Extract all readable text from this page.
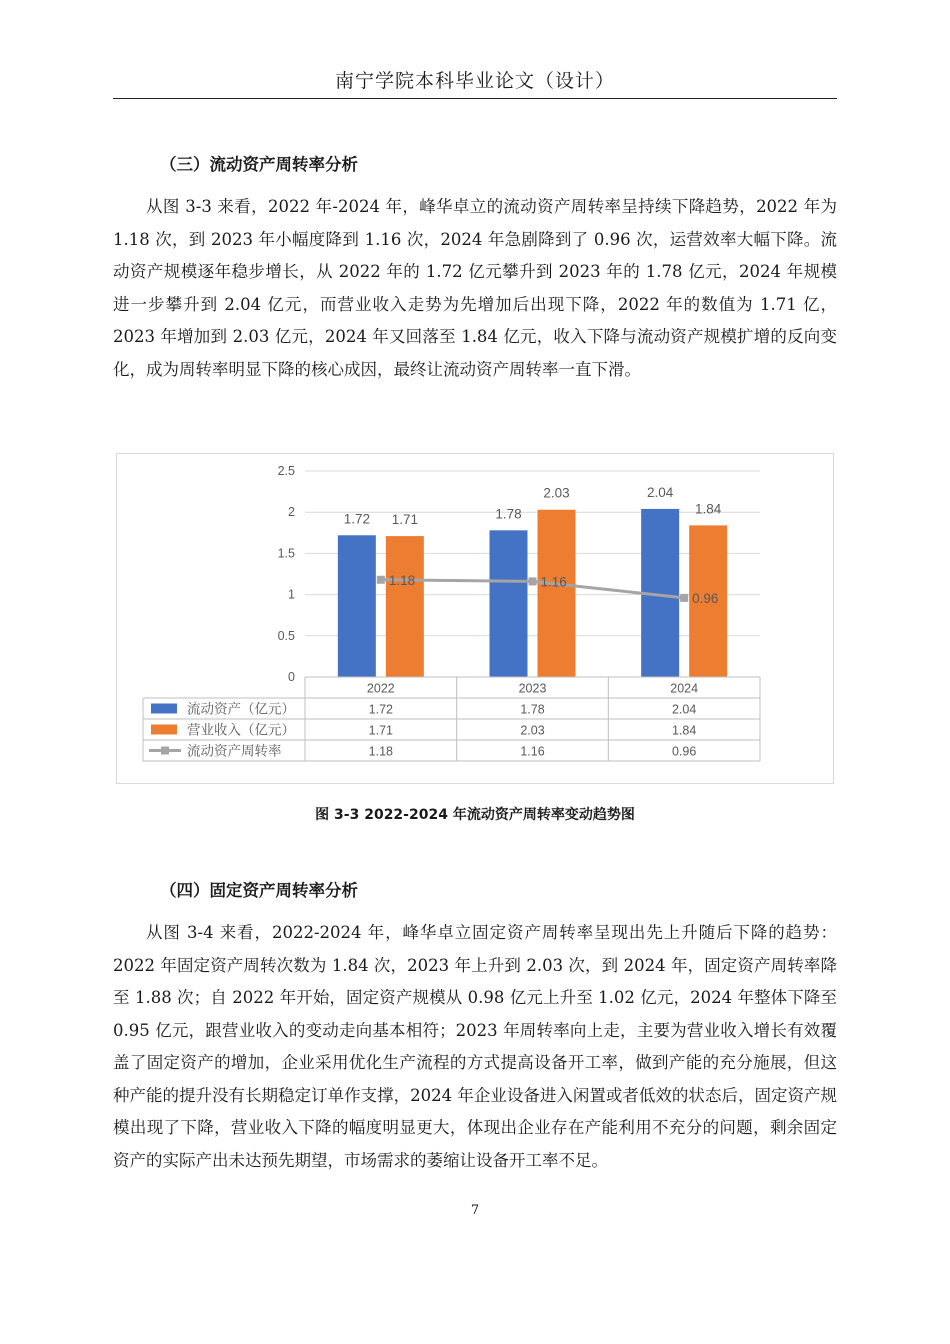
南宁学院本科毕业论文（设计）
（三）流动资产周转率分析

从图 3-3 来看，2022 年-2024 年，峰华卓立的流动资产周转率呈持续下降趋势，2022 年为 1.18 次，到 2023 年小幅度降到 1.16 次，2024 年急剧降到了 0.96 次，运营效率大幅下降。流动资产规模逐年稳步增长，从 2022 年的 1.72 亿元攀升到 2023 年的 1.78 亿元，2024 年规模进一步攀升到 2.04 亿元，而营业收入走势为先增加后出现下降，2022 年的数值为 1.71 亿，2023 年增加到 2.03 亿元，2024 年又回落至 1.84 亿元，收入下降与流动资产规模扩增的反向变化，成为周转率明显下降的核心成因，最终让流动资产周转率一直下滑。

2.5
2
1.5
1
0.5
0
1.72	1.78
2.04
1.71
2.03
1.84
1.18	1.16
0.96
2022	2023	2024
流动资产（亿元）	1.72	1.78	2.04
营业收入（亿元）	1.71	2.03	1.84
流动资产周转率	1.18	1.16	0.96
图 3-3 2022-2024 年流动资产周转率变动趋势图
（四）固定资产周转率分析

从图 3-4 来看，2022-2024 年，峰华卓立固定资产周转率呈现出先上升随后下降的趋势：2022 年固定资产周转次数为 1.84 次，2023 年上升到 2.03 次，到 2024 年，固定资产周转率降至 1.88 次；自 2022 年开始，固定资产规模从 0.98 亿元上升至 1.02 亿元，2024 年整体下降至 0.95 亿元，跟营业收入的变动走向基本相符；2023 年周转率向上走，主要为营业收入增长有效覆盖了固定资产的增加，企业采用优化生产流程的方式提高设备开工率，做到产能的充分施展，但这种产能的提升没有长期稳定订单作支撑，2024 年企业设备进入闲置或者低效的状态后，固定资产规模出现了下降，营业收入下降的幅度明显更大，体现出企业存在产能利用不充分的问题，剩余固定资产的实际产出未达预先期望，市场需求的萎缩让设备开工率不足。

7
